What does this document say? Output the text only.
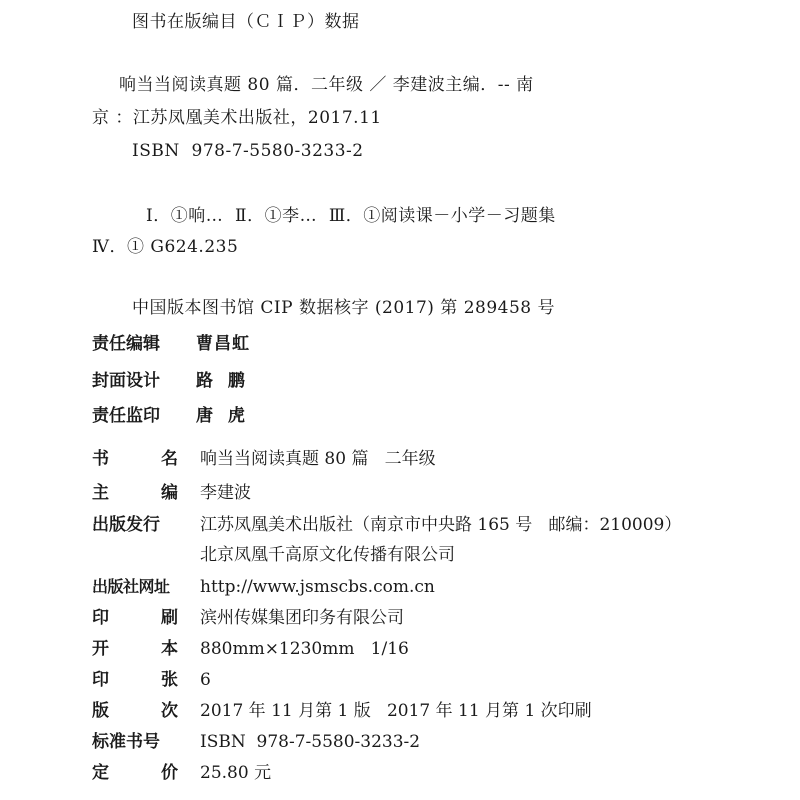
图书在版编目（ＣＩＰ）数据
响当当阅读真题 80 篇．二年级 ／ 李建波主编．-- 南
京 ：江苏凤凰美术出版社，2017.11
ISBN  978-7-5580-3233-2
Ⅰ．①响…  Ⅱ．①李…  Ⅲ．①阅读课－小学－习题集
Ⅳ．① G624.235
中国版本图书馆 CIP 数据核字 (2017) 第 289458 号
责任编辑 曹昌虹
封面设计 路  鹏
责任监印 唐  虎
书	名 响当当阅读真题 80 篇   二年级
主	编 李建波
出版发行	江苏凤凰美术出版社（南京市中央路 165 号   邮编：210009）
北京凤凰千高原文化传播有限公司
出版社网址	http://www.jsmscbs.com.cn
印	刷 滨州传媒集团印务有限公司
开	本 880mm×1230mm   1/16
印	张 6
版	次 2017 年 11 月第 1 版   2017 年 11 月第 1 次印刷
标准书号	ISBN  978-7-5580-3233-2
定	价 25.80 元
